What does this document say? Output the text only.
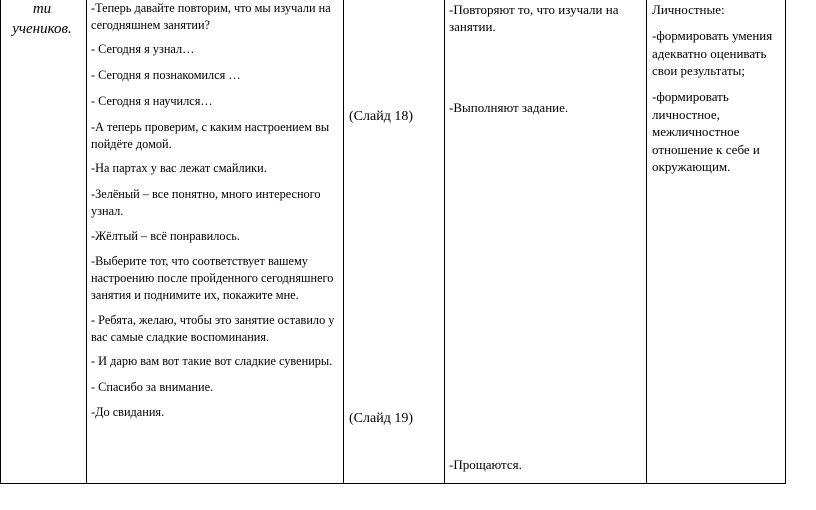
ти
учеников.
-Теперь давайте повторим, что мы изучали на сегодняшнем занятии?
- Сегодня я узнал…
- Сегодня я познакомился …
- Сегодня я научился…
-А теперь проверим, с каким настроением вы пойдёте домой.
-На партах у вас лежат смайлики.
-Зелёный – все понятно, много интересного узнал.
-Жёлтый – всё понравилось.
-Выберите тот, что соответствует вашему настроению после пройденного сегодняшнего занятия и поднимите их, покажите мне.
- Ребята, желаю, чтобы это занятие оставило у вас самые сладкие воспоминания.
- И дарю вам вот такие вот сладкие сувениры.
- Спасибо за внимание.
-До свидания.
(Слайд 18)
(Слайд 19)
-Повторяют то, что изучали на занятии.
-Выполняют задание.
-Прощаются.
Личностные:
-формировать умения адекватно оценивать свои результаты;
-формировать личностное, межличностное отношение к себе и окружающим.
